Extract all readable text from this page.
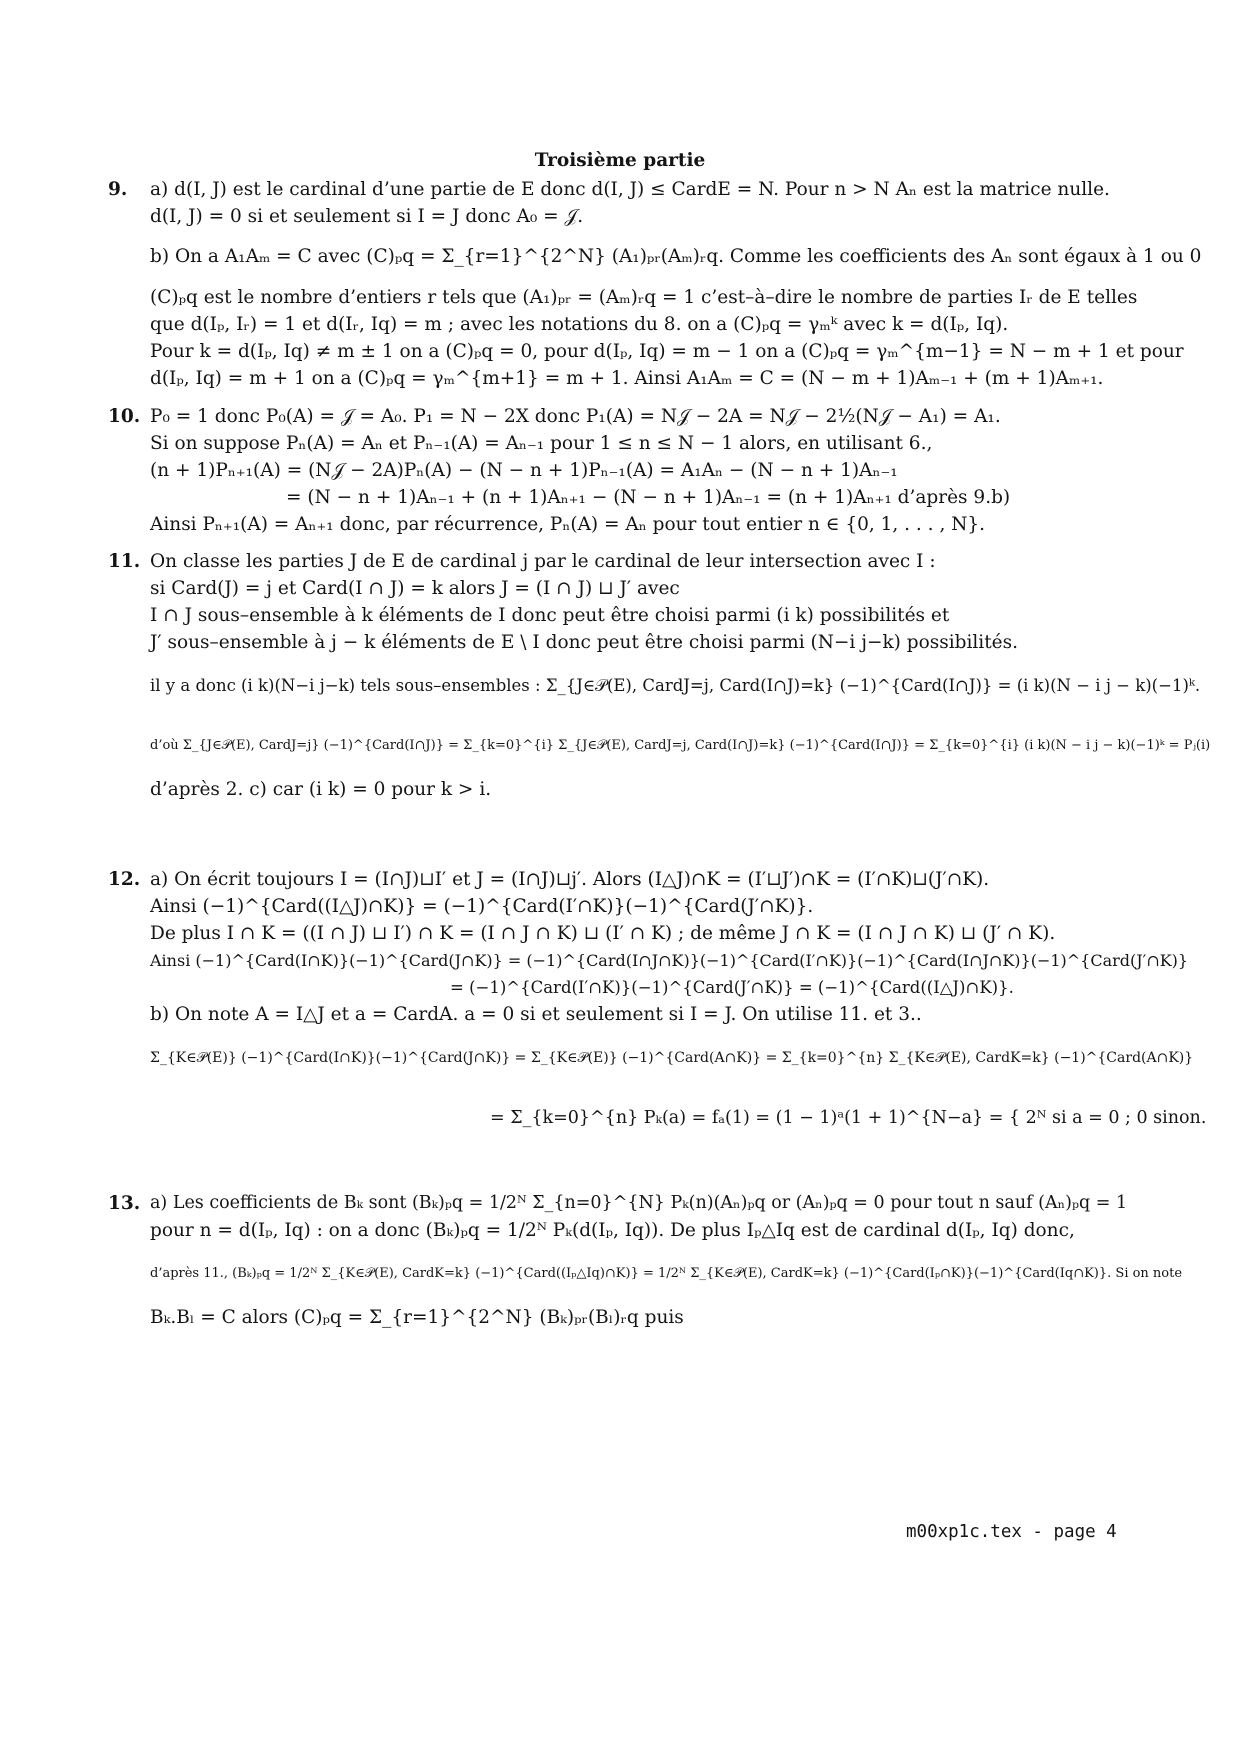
Troisième partie
9. a) d(I, J) est le cardinal d’une partie de E donc d(I, J) ≤ CardE = N. Pour n > N Aₙ est la matrice nulle.
d(I, J) = 0 si et seulement si I = J donc A₀ = 𝒥.
b) On a A₁Aₘ = C avec (C)ₚq = Σ_{r=1}^{2^N} (A₁)ₚᵣ(Aₘ)ᵣq. Comme les coefficients des Aₙ sont égaux à 1 ou 0
(C)ₚq est le nombre d’entiers r tels que (A₁)ₚᵣ = (Aₘ)ᵣq = 1 c’est–à–dire le nombre de parties Iᵣ de E telles
que d(Iₚ, Iᵣ) = 1 et d(Iᵣ, Iq) = m ; avec les notations du 8. on a (C)ₚq = γₘᵏ avec k = d(Iₚ, Iq).
Pour k = d(Iₚ, Iq) ≠ m ± 1 on a (C)ₚq = 0, pour d(Iₚ, Iq) = m − 1 on a (C)ₚq = γₘ^{m−1} = N − m + 1 et pour
d(Iₚ, Iq) = m + 1 on a (C)ₚq = γₘ^{m+1} = m + 1. Ainsi A₁Aₘ = C = (N − m + 1)Aₘ₋₁ + (m + 1)Aₘ₊₁.
10. P₀ = 1 donc P₀(A) = 𝒥 = A₀. P₁ = N − 2X donc P₁(A) = N𝒥 − 2A = N𝒥 − 2½(N𝒥 − A₁) = A₁.
Si on suppose Pₙ(A) = Aₙ et Pₙ₋₁(A) = Aₙ₋₁ pour 1 ≤ n ≤ N − 1 alors, en utilisant 6.,
(n + 1)Pₙ₊₁(A) = (N𝒥 − 2A)Pₙ(A) − (N − n + 1)Pₙ₋₁(A) = A₁Aₙ − (N − n + 1)Aₙ₋₁
= (N − n + 1)Aₙ₋₁ + (n + 1)Aₙ₊₁ − (N − n + 1)Aₙ₋₁ = (n + 1)Aₙ₊₁ d’après 9.b)
Ainsi Pₙ₊₁(A) = Aₙ₊₁ donc, par récurrence, Pₙ(A) = Aₙ pour tout entier n ∈ {0, 1, . . . , N}.
11. On classe les parties J de E de cardinal j par le cardinal de leur intersection avec I :
si Card(J) = j et Card(I ∩ J) = k alors J = (I ∩ J) ⊔ J′ avec
I ∩ J sous–ensemble à k éléments de I donc peut être choisi parmi (i k) possibilités et
J′ sous–ensemble à j − k éléments de E \ I donc peut être choisi parmi (N−i j−k) possibilités.
il y a donc (i k)(N−i j−k) tels sous–ensembles : Σ_{J∈𝒫(E), CardJ=j, Card(I∩J)=k} (−1)^{Card(I∩J)} = (i k)(N − i j − k)(−1)ᵏ.
d’où Σ_{J∈𝒫(E), CardJ=j} (−1)^{Card(I∩J)} = Σ_{k=0}^{i} Σ_{J∈𝒫(E), CardJ=j, Card(I∩J)=k} (−1)^{Card(I∩J)} = Σ_{k=0}^{i} (i k)(N − i j − k)(−1)ᵏ = Pⱼ(i)
d’après 2. c) car (i k) = 0 pour k > i.
12. a) On écrit toujours I = (I∩J)⊔I′ et J = (I∩J)⊔j′. Alors (I△J)∩K = (I′⊔J′)∩K = (I′∩K)⊔(J′∩K).
Ainsi (−1)^{Card((I△J)∩K)} = (−1)^{Card(I′∩K)}(−1)^{Card(J′∩K)}.
De plus I ∩ K = ((I ∩ J) ⊔ I′) ∩ K = (I ∩ J ∩ K) ⊔ (I′ ∩ K) ; de même J ∩ K = (I ∩ J ∩ K) ⊔ (J′ ∩ K).
Ainsi (−1)^{Card(I∩K)}(−1)^{Card(J∩K)} = (−1)^{Card(I∩J∩K)}(−1)^{Card(I′∩K)}(−1)^{Card(I∩J∩K)}(−1)^{Card(J′∩K)}
= (−1)^{Card(I′∩K)}(−1)^{Card(J′∩K)} = (−1)^{Card((I△J)∩K)}.
b) On note A = I△J et a = CardA. a = 0 si et seulement si I = J. On utilise 11. et 3..
Σ_{K∈𝒫(E)} (−1)^{Card(I∩K)}(−1)^{Card(J∩K)} = Σ_{K∈𝒫(E)} (−1)^{Card(A∩K)} = Σ_{k=0}^{n} Σ_{K∈𝒫(E), CardK=k} (−1)^{Card(A∩K)}
= Σ_{k=0}^{n} Pₖ(a) = fₐ(1) = (1 − 1)ᵃ(1 + 1)^{N−a} = { 2ᴺ si a = 0 ; 0 sinon.
13. a) Les coefficients de Bₖ sont (Bₖ)ₚq = 1/2ᴺ Σ_{n=0}^{N} Pₖ(n)(Aₙ)ₚq or (Aₙ)ₚq = 0 pour tout n sauf (Aₙ)ₚq = 1
pour n = d(Iₚ, Iq) : on a donc (Bₖ)ₚq = 1/2ᴺ Pₖ(d(Iₚ, Iq)). De plus Iₚ△Iq est de cardinal d(Iₚ, Iq) donc,
d’après 11., (Bₖ)ₚq = 1/2ᴺ Σ_{K∈𝒫(E), CardK=k} (−1)^{Card((Iₚ△Iq)∩K)} = 1/2ᴺ Σ_{K∈𝒫(E), CardK=k} (−1)^{Card(Iₚ∩K)}(−1)^{Card(Iq∩K)}. Si on note
Bₖ.Bₗ = C alors (C)ₚq = Σ_{r=1}^{2^N} (Bₖ)ₚᵣ(Bₗ)ᵣq puis
m00xp1c.tex - page 4
